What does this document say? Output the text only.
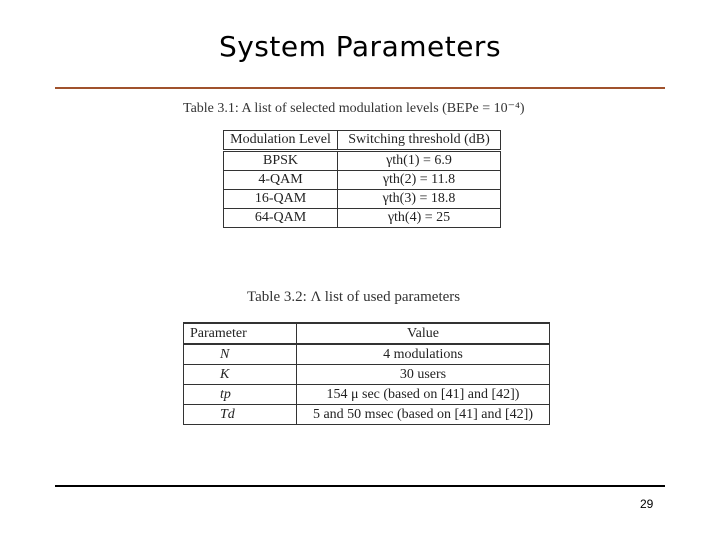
System Parameters
Table 3.1: A list of selected modulation levels (BEPe = 10⁻⁴)
Modulation Level	Switching threshold (dB)
BPSK	γth(1) = 6.9
4-QAM	γth(2) = 11.8
16-QAM	γth(3) = 18.8
64-QAM	γth(4) = 25
Table 3.2: Λ list of used parameters
Parameter	Value
N	4 modulations
K	30 users
tp	154 μ sec (based on [41] and [42])
Td	5 and 50 msec (based on [41] and [42])
29
